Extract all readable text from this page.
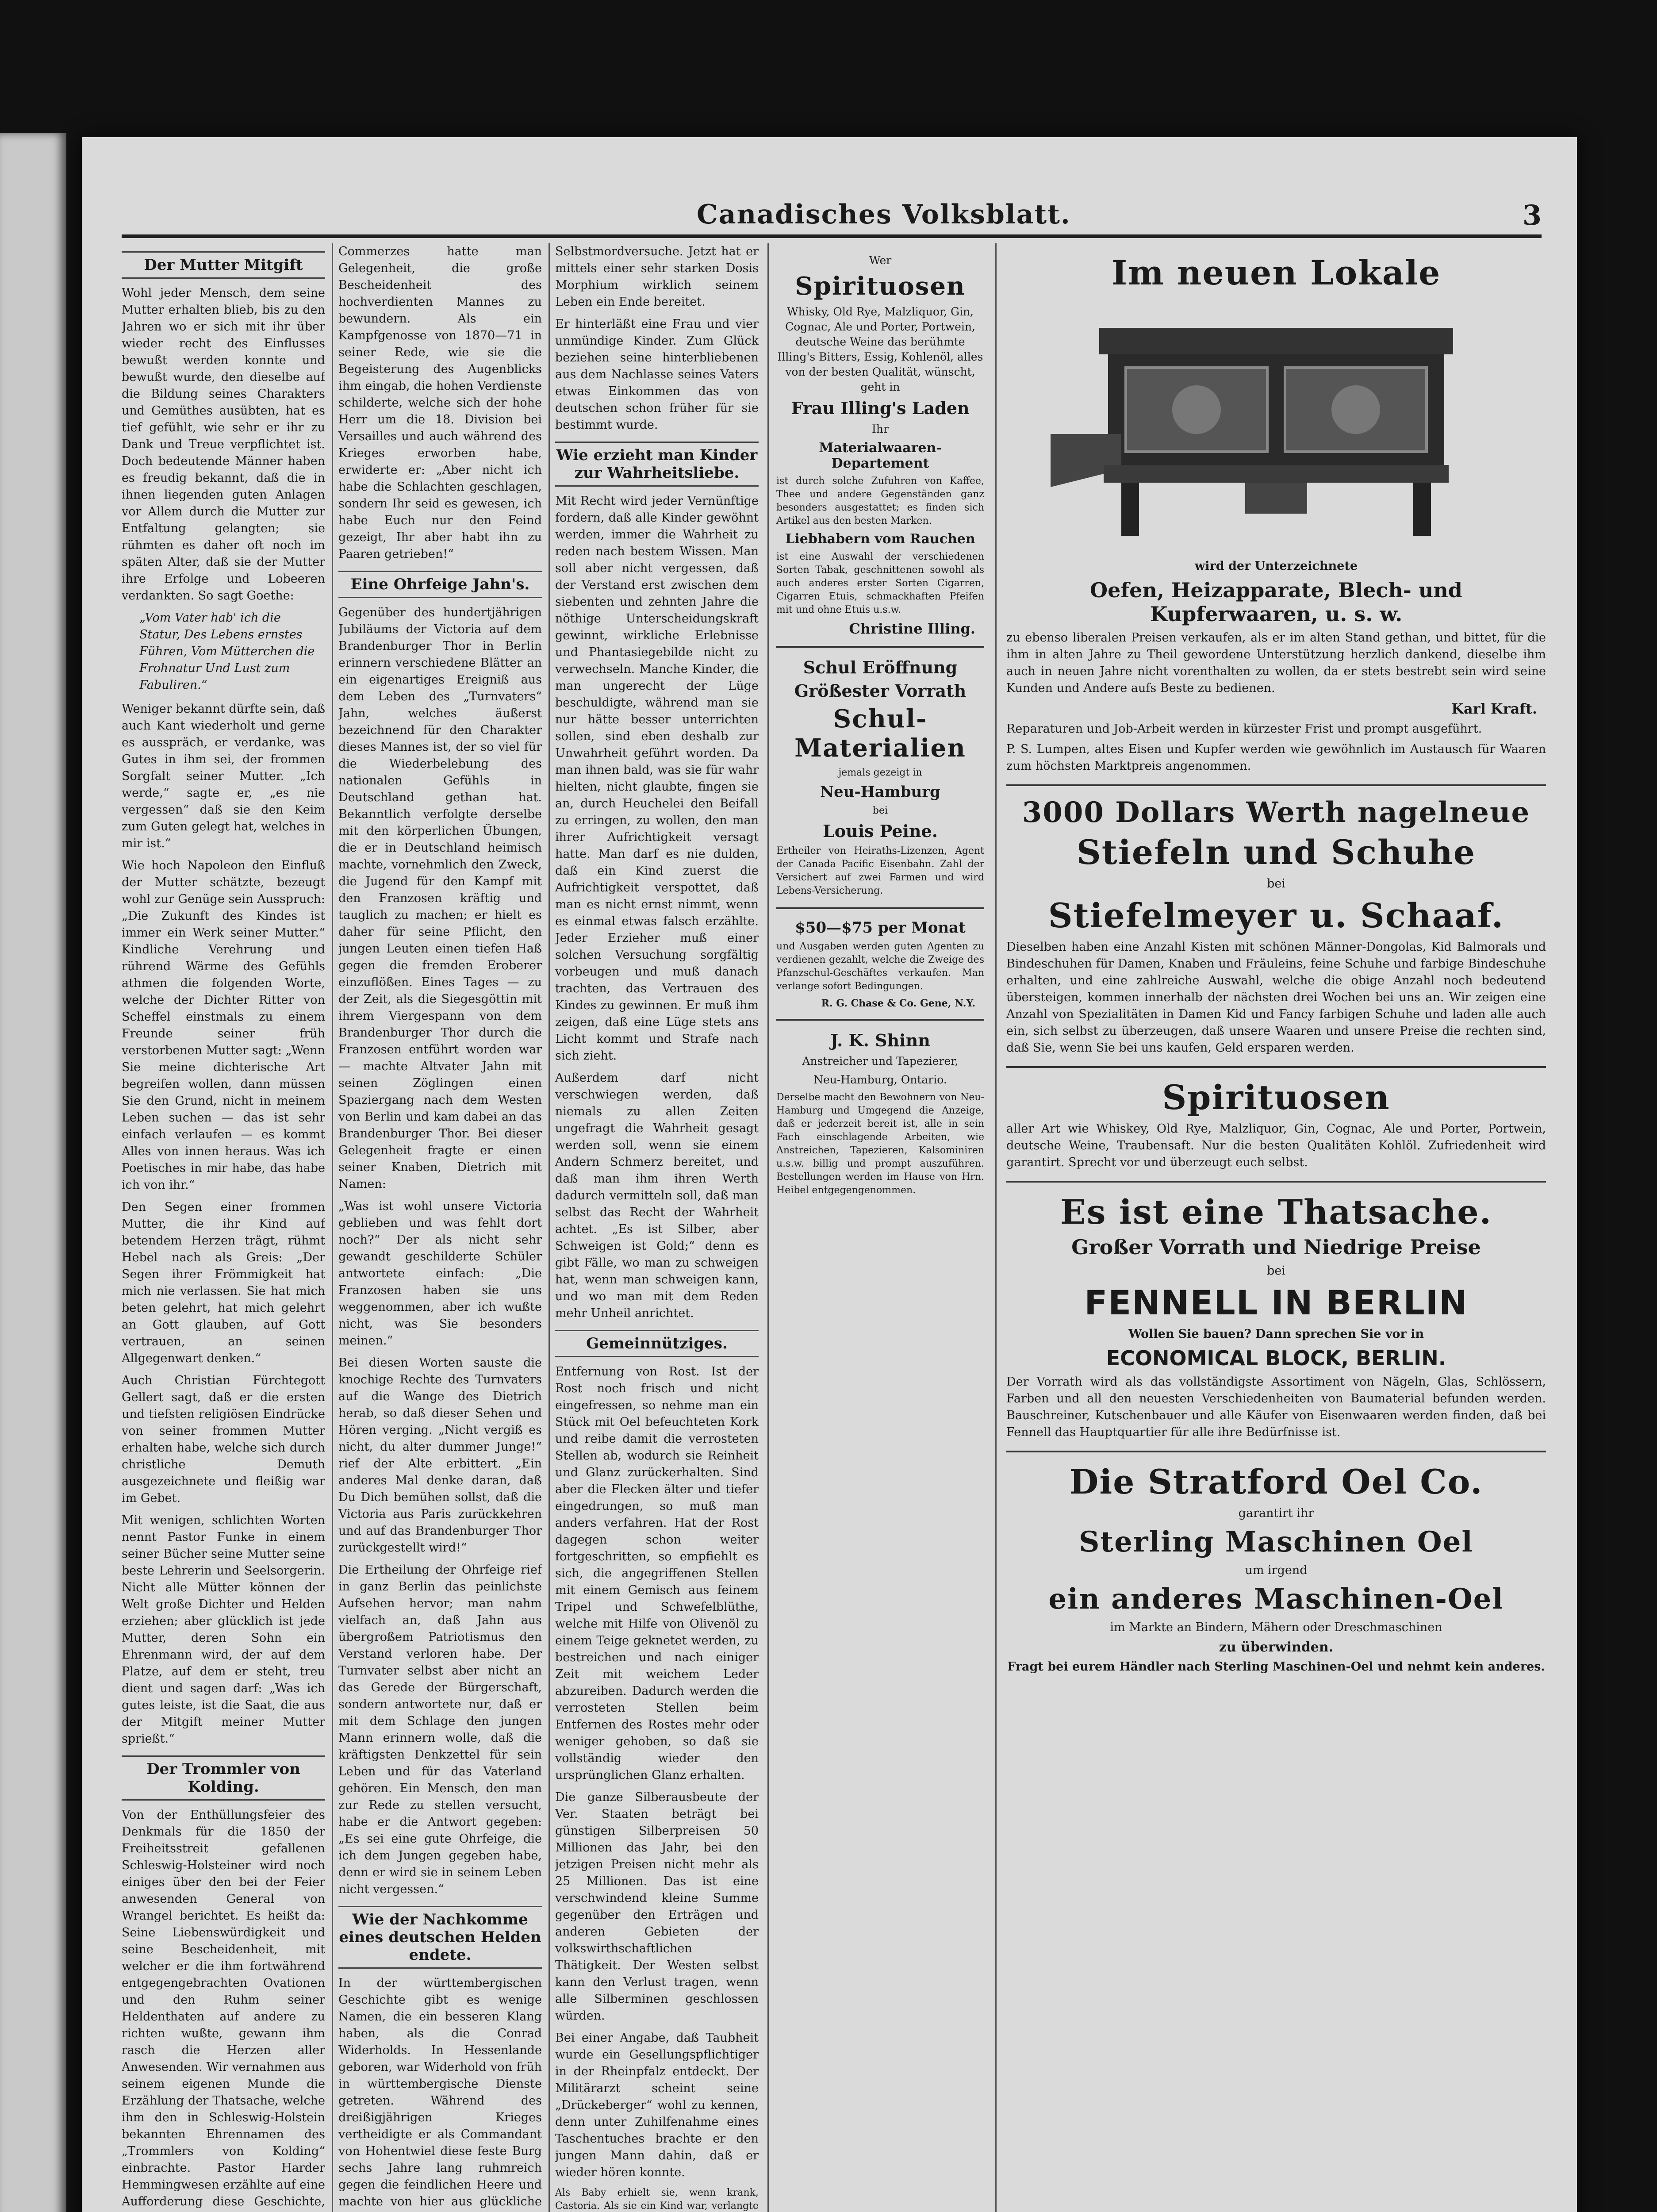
Canadisches Volksblatt.	3
Der Mutter Mitgift

Wohl jeder Mensch, dem seine Mutter erhalten blieb, bis zu den Jahren wo er sich mit ihr über wieder recht des Einflusses bewußt werden konnte und bewußt wurde, den dieselbe auf die Bildung seines Charakters und Gemüthes ausübten, hat es tief gefühlt, wie sehr er ihr zu Dank und Treue verpflichtet ist. Doch bedeutende Männer haben es freudig bekannt, daß die in ihnen liegenden guten Anlagen vor Allem durch die Mutter zur Entfaltung gelangten; sie rühmten es daher oft noch im späten Alter, daß sie der Mutter ihre Erfolge und Lobeeren verdankten. So sagt Goethe:

„Vom Vater hab' ich die Statur, Des Lebens ernstes Führen, Vom Mütterchen die Frohnatur Und Lust zum Fabuliren.“

Weniger bekannt dürfte sein, daß auch Kant wiederholt und gerne es ausspräch, er verdanke, was Gutes in ihm sei, der frommen Sorgfalt seiner Mutter. „Ich werde,“ sagte er, „es nie vergessen“ daß sie den Keim zum Guten gelegt hat, welches in mir ist.“

Wie hoch Napoleon den Einfluß der Mutter schätzte, bezeugt wohl zur Genüge sein Ausspruch: „Die Zukunft des Kindes ist immer ein Werk seiner Mutter.“ Kindliche Verehrung und rührend Wärme des Gefühls athmen die folgenden Worte, welche der Dichter Ritter von Scheffel einstmals zu einem Freunde seiner früh verstorbenen Mutter sagt: „Wenn Sie meine dichterische Art begreifen wollen, dann müssen Sie den Grund, nicht in meinem Leben suchen — das ist sehr einfach verlaufen — es kommt Alles von innen heraus. Was ich Poetisches in mir habe, das habe ich von ihr.“

Den Segen einer frommen Mutter, die ihr Kind auf betendem Herzen trägt, rühmt Hebel nach als Greis: „Der Segen ihrer Frömmigkeit hat mich nie verlassen. Sie hat mich beten gelehrt, hat mich gelehrt an Gott glauben, auf Gott vertrauen, an seinen Allgegenwart denken.“

Auch Christian Fürchtegott Gellert sagt, daß er die ersten und tiefsten religiösen Eindrücke von seiner frommen Mutter erhalten habe, welche sich durch christliche Demuth ausgezeichnete und fleißig war im Gebet.

Mit wenigen, schlichten Worten nennt Pastor Funke in einem seiner Bücher seine Mutter seine beste Lehrerin und Seelsorgerin. Nicht alle Mütter können der Welt große Dichter und Helden erziehen; aber glücklich ist jede Mutter, deren Sohn ein Ehrenmann wird, der auf dem Platze, auf dem er steht, treu dient und sagen darf: „Was ich gutes leiste, ist die Saat, die aus der Mitgift meiner Mutter sprießt.“

Der Trommler von Kolding.

Von der Enthüllungsfeier des Denkmals für die 1850 der Freiheitsstreit gefallenen Schleswig-Holsteiner wird noch einiges über den bei der Feier anwesenden General von Wrangel berichtet. Es heißt da: Seine Liebenswürdigkeit und seine Bescheidenheit, mit welcher er die ihm fortwährend entgegengebrachten Ovationen und den Ruhm seiner Heldenthaten auf andere zu richten wußte, gewann ihm rasch die Herzen aller Anwesenden. Wir vernahmen aus seinem eigenen Munde die Erzählung der Thatsache, welche ihm den in Schleswig-Holstein bekannten Ehrennamen des „Trommlers von Kolding“ einbrachte. Pastor Harder Hemmingwesen erzählte auf eine Aufforderung diese Geschichte,

Commerzes hatte man Gelegenheit, die große Bescheidenheit des hochverdienten Mannes zu bewundern. Als ein Kampfgenosse von 1870—71 in seiner Rede, wie sie die Begeisterung des Augenblicks ihm eingab, die hohen Verdienste schilderte, welche sich der hohe Herr um die 18. Division bei Versailles und auch während des Krieges erworben habe, erwiderte er: „Aber nicht ich habe die Schlachten geschlagen, sondern Ihr seid es gewesen, ich habe Euch nur den Feind gezeigt, Ihr aber habt ihn zu Paaren getrieben!“

Eine Ohrfeige Jahn's.

Gegenüber des hundertjährigen Jubiläums der Victoria auf dem Brandenburger Thor in Berlin erinnern verschiedene Blätter an ein eigenartiges Ereigniß aus dem Leben des „Turnvaters“ Jahn, welches äußerst bezeichnend für den Charakter dieses Mannes ist, der so viel für die Wiederbelebung des nationalen Gefühls in Deutschland gethan hat. Bekanntlich verfolgte derselbe mit den körperlichen Übungen, die er in Deutschland heimisch machte, vornehmlich den Zweck, die Jugend für den Kampf mit den Franzosen kräftig und tauglich zu machen; er hielt es daher für seine Pflicht, den jungen Leuten einen tiefen Haß gegen die fremden Eroberer einzuflößen. Eines Tages — zu der Zeit, als die Siegesgöttin mit ihrem Viergespann von dem Brandenburger Thor durch die Franzosen entführt worden war — machte Altvater Jahn mit seinen Zöglingen einen Spaziergang nach dem Westen von Berlin und kam dabei an das Brandenburger Thor. Bei dieser Gelegenheit fragte er einen seiner Knaben, Dietrich mit Namen:

„Was ist wohl unsere Victoria geblieben und was fehlt dort noch?“ Der als nicht sehr gewandt geschilderte Schüler antwortete einfach: „Die Franzosen haben sie uns weggenommen, aber ich wußte nicht, was Sie besonders meinen.“

Bei diesen Worten sauste die knochige Rechte des Turnvaters auf die Wange des Dietrich herab, so daß dieser Sehen und Hören verging. „Nicht vergiß es nicht, du alter dummer Junge!“ rief der Alte erbittert. „Ein anderes Mal denke daran, daß Du Dich bemühen sollst, daß die Victoria aus Paris zurückkehren und auf das Brandenburger Thor zurückgestellt wird!“

Die Ertheilung der Ohrfeige rief in ganz Berlin das peinlichste Aufsehen hervor; man nahm vielfach an, daß Jahn aus übergroßem Patriotismus den Verstand verloren habe. Der Turnvater selbst aber nicht an das Gerede der Bürgerschaft, sondern antwortete nur, daß er mit dem Schlage den jungen Mann erinnern wolle, daß die kräftigsten Denkzettel für sein Leben und für das Vaterland gehören. Ein Mensch, den man zur Rede zu stellen versucht, habe er die Antwort gegeben: „Es sei eine gute Ohrfeige, die ich dem Jungen gegeben habe, denn er wird sie in seinem Leben nicht vergessen.“

Wie der Nachkomme eines deutschen Helden endete.

In der württembergischen Geschichte gibt es wenige Namen, die ein besseren Klang haben, als die Conrad Widerholds. In Hessenlande geboren, war Widerhold von früh in württembergische Dienste getreten. Während des dreißigjährigen Krieges vertheidigte er als Commandant von Hohentwiel diese feste Burg sechs Jahre lang ruhmreich gegen die feindlichen Heere und machte von hier aus glückliche

Selbstmordversuche. Jetzt hat er mittels einer sehr starken Dosis Morphium wirklich seinem Leben ein Ende bereitet.

Er hinterläßt eine Frau und vier unmündige Kinder. Zum Glück beziehen seine hinterbliebenen aus dem Nachlasse seines Vaters etwas Einkommen das von deutschen schon früher für sie bestimmt wurde.

Wie erzieht man Kinder zur Wahrheitsliebe.

Mit Recht wird jeder Vernünftige fordern, daß alle Kinder gewöhnt werden, immer die Wahrheit zu reden nach bestem Wissen. Man soll aber nicht vergessen, daß der Verstand erst zwischen dem siebenten und zehnten Jahre die nöthige Unterscheidungskraft gewinnt, wirkliche Erlebnisse und Phantasiegebilde nicht zu verwechseln. Manche Kinder, die man ungerecht der Lüge beschuldigte, während man sie nur hätte besser unterrichten sollen, sind eben deshalb zur Unwahrheit geführt worden. Da man ihnen bald, was sie für wahr hielten, nicht glaubte, fingen sie an, durch Heuchelei den Beifall zu erringen, zu wollen, den man ihrer Aufrichtigkeit versagt hatte. Man darf es nie dulden, daß ein Kind zuerst die Aufrichtigkeit verspottet, daß man es nicht ernst nimmt, wenn es einmal etwas falsch erzählte. Jeder Erzieher muß einer solchen Versuchung sorgfältig vorbeugen und muß danach trachten, das Vertrauen des Kindes zu gewinnen. Er muß ihm zeigen, daß eine Lüge stets ans Licht kommt und Strafe nach sich zieht.

Außerdem darf nicht verschwiegen werden, daß niemals zu allen Zeiten ungefragt die Wahrheit gesagt werden soll, wenn sie einem Andern Schmerz bereitet, und daß man ihm ihren Werth dadurch vermitteln soll, daß man selbst das Recht der Wahrheit achtet. „Es ist Silber, aber Schweigen ist Gold;“ denn es gibt Fälle, wo man zu schweigen hat, wenn man schweigen kann, und wo man mit dem Reden mehr Unheil anrichtet.

Gemeinnütziges.

Entfernung von Rost. Ist der Rost noch frisch und nicht eingefressen, so nehme man ein Stück mit Oel befeuchteten Kork und reibe damit die verrosteten Stellen ab, wodurch sie Reinheit und Glanz zurückerhalten. Sind aber die Flecken älter und tiefer eingedrungen, so muß man anders verfahren. Hat der Rost dagegen schon weiter fortgeschritten, so empfiehlt es sich, die angegriffenen Stellen mit einem Gemisch aus feinem Tripel und Schwefelblüthe, welche mit Hilfe von Olivenöl zu einem Teige geknetet werden, zu bestreichen und nach einiger Zeit mit weichem Leder abzureiben. Dadurch werden die verrosteten Stellen beim Entfernen des Rostes mehr oder weniger gehoben, so daß sie vollständig wieder den ursprünglichen Glanz erhalten.

Die ganze Silberausbeute der Ver. Staaten beträgt bei günstigen Silberpreisen 50 Millionen das Jahr, bei den jetzigen Preisen nicht mehr als 25 Millionen. Das ist eine verschwindend kleine Summe gegenüber den Erträgen und anderen Gebieten der volkswirthschaftlichen Thätigkeit. Der Westen selbst kann den Verlust tragen, wenn alle Silberminen geschlossen würden.

Bei einer Angabe, daß Taubheit wurde ein Gesellungspflichtiger in der Rheinpfalz entdeckt. Der Militärarzt scheint seine „Drückeberger“ wohl zu kennen, denn unter Zuhilfenahme eines Taschentuches brachte er den jungen Mann dahin, daß er wieder hören konnte.

Als Baby erhielt sie, wenn krank, Castoria. Als sie ein Kind war, verlangte

Wer
Spirituosen
Whisky, Old Rye, Malzliquor, Gin, Cognac, Ale und Porter, Portwein, deutsche Weine das berühmte Illing's Bitters, Essig, Kohlenöl, alles von der besten Qualität, wünscht, geht in
Frau Illing's Laden
Ihr
Materialwaaren-Departement
ist durch solche Zufuhren von Kaffee, Thee und andere Gegenständen ganz besonders ausgestattet; es finden sich Artikel aus den besten Marken.
Liebhabern vom Rauchen
ist eine Auswahl der verschiedenen Sorten Tabak, geschnittenen sowohl als auch anderes erster Sorten Cigarren, Cigarren Etuis, schmackhaften Pfeifen mit und ohne Etuis u.s.w.
Christine Illing.
Schul Eröffnung
Größester Vorrath
Schul-Materialien
jemals gezeigt in
Neu-Hamburg
bei
Louis Peine.
Ertheiler von Heiraths-Lizenzen, Agent der Canada Pacific Eisenbahn. Zahl der Versichert auf zwei Farmen und wird Lebens-Versicherung.
$50—$75 per Monat
und Ausgaben werden guten Agenten zu verdienen gezahlt, welche die Zweige des Pfanzschul-Geschäftes verkaufen. Man verlange sofort Bedingungen.
R. G. Chase & Co. Gene, N.Y.
J. K. Shinn
Anstreicher und Tapezierer,
Neu-Hamburg, Ontario.
Derselbe macht den Bewohnern von Neu-Hamburg und Umgegend die Anzeige, daß er jederzeit bereit ist, alle in sein Fach einschlagende Arbeiten, wie Anstreichen, Tapezieren, Kalsominiren u.s.w. billig und prompt auszuführen. Bestellungen werden im Hause von Hrn. Heibel entgegengenommen.
Im neuen Lokale
wird der Unterzeichnete
Oefen, Heizapparate, Blech- und Kupferwaaren, u. s. w.
zu ebenso liberalen Preisen verkaufen, als er im alten Stand gethan, und bittet, für die ihm in alten Jahre zu Theil gewordene Unterstützung herzlich dankend, dieselbe ihm auch in neuen Jahre nicht vorenthalten zu wollen, da er stets bestrebt sein wird seine Kunden und Andere aufs Beste zu bedienen.
Karl Kraft.
Reparaturen und Job-Arbeit werden in kürzester Frist und prompt ausgeführt.
P. S. Lumpen, altes Eisen und Kupfer werden wie gewöhnlich im Austausch für Waaren zum höchsten Marktpreis angenommen.
3000 Dollars Werth nagelneue
Stiefeln und Schuhe
bei
Stiefelmeyer u. Schaaf.
Dieselben haben eine Anzahl Kisten mit schönen Männer-Dongolas, Kid Balmorals und Bindeschuhen für Damen, Knaben und Fräuleins, feine Schuhe und farbige Bindeschuhe erhalten, und eine zahlreiche Auswahl, welche die obige Anzahl noch bedeutend übersteigen, kommen innerhalb der nächsten drei Wochen bei uns an. Wir zeigen eine Anzahl von Spezialitäten in Damen Kid und Fancy farbigen Schuhe und laden alle auch ein, sich selbst zu überzeugen, daß unsere Waaren und unsere Preise die rechten sind, daß Sie, wenn Sie bei uns kaufen, Geld ersparen werden.
Spirituosen
aller Art wie Whiskey, Old Rye, Malzliquor, Gin, Cognac, Ale und Porter, Portwein, deutsche Weine, Traubensaft. Nur die besten Qualitäten Kohlöl. Zufriedenheit wird garantirt. Sprecht vor und überzeugt euch selbst.
Es ist eine Thatsache.
Großer Vorrath und Niedrige Preise
bei
FENNELL IN BERLIN
Wollen Sie bauen? Dann sprechen Sie vor in
ECONOMICAL BLOCK, BERLIN.
Der Vorrath wird als das vollständigste Assortiment von Nägeln, Glas, Schlössern, Farben und all den neuesten Verschiedenheiten von Baumaterial befunden werden. Bauschreiner, Kutschenbauer und alle Käufer von Eisenwaaren werden finden, daß bei Fennell das Hauptquartier für alle ihre Bedürfnisse ist.
Die Stratford Oel Co.
garantirt ihr
Sterling Maschinen Oel
um irgend
ein anderes Maschinen-Oel
im Markte an Bindern, Mähern oder Dreschmaschinen
zu überwinden.
Fragt bei eurem Händler nach Sterling Maschinen-Oel und nehmt kein anderes.
